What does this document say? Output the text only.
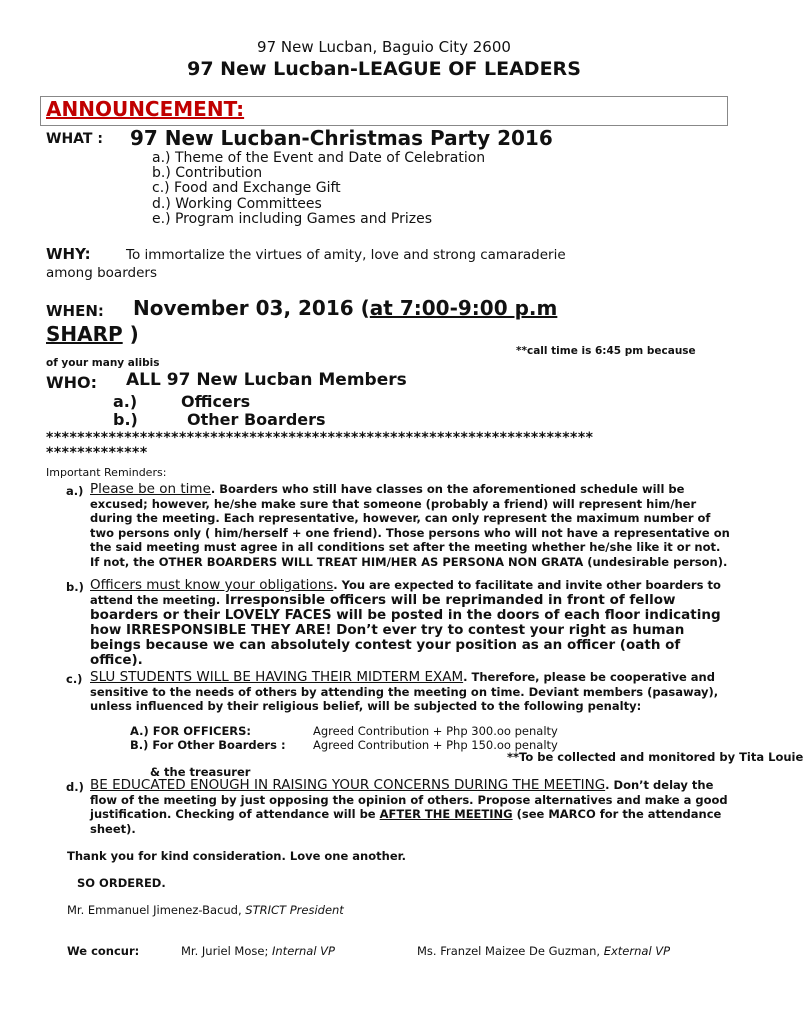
97 New Lucban, Baguio City 2600
97 New Lucban-LEAGUE OF LEADERS
ANNOUNCEMENT:
WHAT : 97 New Lucban-Christmas Party 2016
a.) Theme of the Event and Date of Celebration
b.) Contribution
c.) Food and Exchange Gift
d.) Working Committees
e.) Program including Games and Prizes
WHY:	To immortalize the virtues of amity, love and strong camaraderie
among boarders
WHEN: November 03, 2016 (at 7:00-9:00 p.m
SHARP )
**call time is 6:45 pm because
of your many alibis
WHO: ALL 97 New Lucban Members
a.)	Officers
b.)	Other Boarders
**********************************************************************
*************
Important Reminders:
a.) Please be on time. Boarders who still have classes on the aforementioned schedule will be excused; however, he/she make sure that someone (probably a friend) will represent him/her during the meeting. Each representative, however, can only represent the maximum number of two persons only ( him/herself + one friend). Those persons who will not have a representative on the said meeting must agree in all conditions set after the meeting whether he/she like it or not. If not, the OTHER BOARDERS WILL TREAT HIM/HER AS PERSONA NON GRATA (undesirable person).
b.) Officers must know your obligations. You are expected to facilitate and invite other boarders to attend the meeting. Irresponsible officers will be reprimanded in front of fellow boarders or their LOVELY FACES will be posted in the doors of each floor indicating how IRRESPONSIBLE THEY ARE! Don’t ever try to contest your right as human beings because we can absolutely contest your position as an officer (oath of office).
c.) SLU STUDENTS WILL BE HAVING THEIR MIDTERM EXAM. Therefore, please be cooperative and sensitive to the needs of others by attending the meeting on time. Deviant members (pasaway), unless influenced by their religious belief, will be subjected to the following penalty:
A.) FOR OFFICERS:	Agreed Contribution + Php 300.oo penalty
B.) For Other Boarders : Agreed Contribution + Php 150.oo penalty
**To be collected and monitored by Tita Louie
& the treasurer
d.) BE EDUCATED ENOUGH IN RAISING YOUR CONCERNS DURING THE MEETING. Don’t delay the flow of the meeting by just opposing the opinion of others. Propose alternatives and make a good justification. Checking of attendance will be AFTER THE MEETING (see MARCO for the attendance sheet).
Thank you for kind consideration. Love one another.
SO ORDERED.
Mr. Emmanuel Jimenez-Bacud, STRICT President
We concur:	Mr. Juriel Mose; Internal VP	Ms. Franzel Maizee De Guzman, External VP
